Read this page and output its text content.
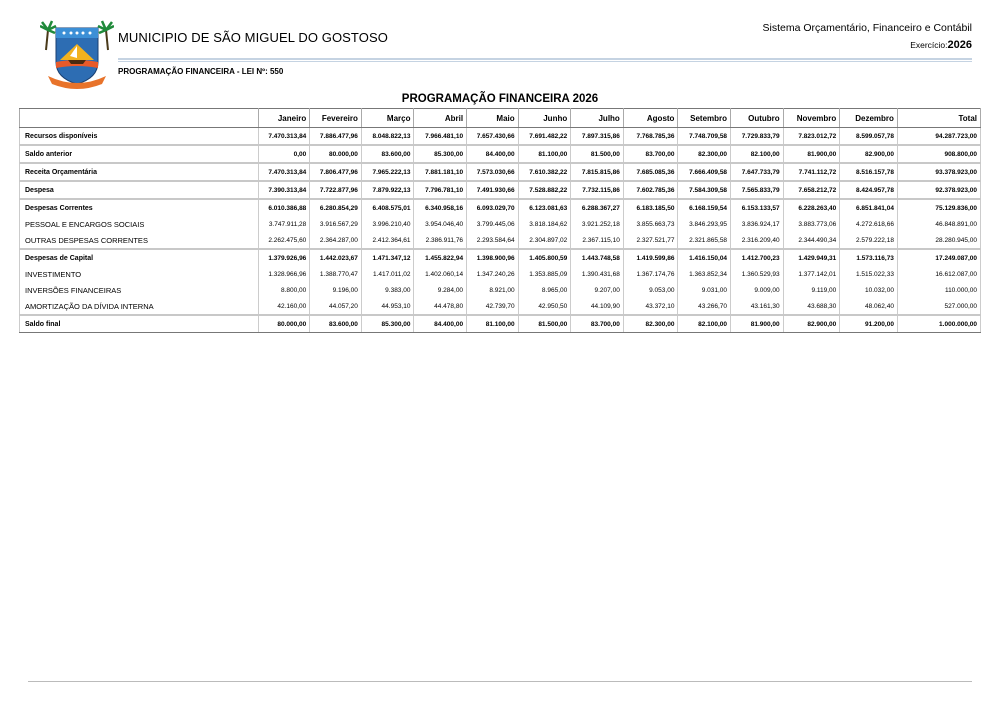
MUNICIPIO DE SÃO MIGUEL DO GOSTOSO
Sistema Orçamentário, Financeiro e Contábil
Exercício:2026
PROGRAMAÇÃO FINANCEIRA - LEI Nº: 550
PROGRAMAÇÃO FINANCEIRA 2026
	Janeiro	Fevereiro	Março	Abril	Maio	Junho	Julho	Agosto	Setembro	Outubro	Novembro	Dezembro	Total
Recursos disponíveis	7.470.313,84	7.886.477,96	8.048.822,13	7.966.481,10	7.657.430,66	7.691.482,22	7.897.315,86	7.768.785,36	7.748.709,58	7.729.833,79	7.823.012,72	8.599.057,78	94.287.723,00
Saldo anterior	0,00	80.000,00	83.600,00	85.300,00	84.400,00	81.100,00	81.500,00	83.700,00	82.300,00	82.100,00	81.900,00	82.900,00	908.800,00
Receita Orçamentária	7.470.313,84	7.806.477,96	7.965.222,13	7.881.181,10	7.573.030,66	7.610.382,22	7.815.815,86	7.685.085,36	7.666.409,58	7.647.733,79	7.741.112,72	8.516.157,78	93.378.923,00
Despesa	7.390.313,84	7.722.877,96	7.879.922,13	7.796.781,10	7.491.930,66	7.528.882,22	7.732.115,86	7.602.785,36	7.584.309,58	7.565.833,79	7.658.212,72	8.424.957,78	92.378.923,00
Despesas Correntes	6.010.386,88	6.280.854,29	6.408.575,01	6.340.958,16	6.093.029,70	6.123.081,63	6.288.367,27	6.183.185,50	6.168.159,54	6.153.133,57	6.228.263,40	6.851.841,04	75.129.836,00
PESSOAL E ENCARGOS SOCIAIS	3.747.911,28	3.916.567,29	3.996.210,40	3.954.046,40	3.799.445,06	3.818.184,62	3.921.252,18	3.855.663,73	3.846.293,95	3.836.924,17	3.883.773,06	4.272.618,66	46.848.891,00
OUTRAS DESPESAS CORRENTES	2.262.475,60	2.364.287,00	2.412.364,61	2.386.911,76	2.293.584,64	2.304.897,02	2.367.115,10	2.327.521,77	2.321.865,58	2.316.209,40	2.344.490,34	2.579.222,18	28.280.945,00
Despesas de Capital	1.379.926,96	1.442.023,67	1.471.347,12	1.455.822,94	1.398.900,96	1.405.800,59	1.443.748,58	1.419.599,86	1.416.150,04	1.412.700,23	1.429.949,31	1.573.116,73	17.249.087,00
INVESTIMENTO	1.328.966,96	1.388.770,47	1.417.011,02	1.402.060,14	1.347.240,26	1.353.885,09	1.390.431,68	1.367.174,76	1.363.852,34	1.360.529,93	1.377.142,01	1.515.022,33	16.612.087,00
INVERSÕES FINANCEIRAS	8.800,00	9.196,00	9.383,00	9.284,00	8.921,00	8.965,00	9.207,00	9.053,00	9.031,00	9.009,00	9.119,00	10.032,00	110.000,00
AMORTIZAÇÃO DA DÍVIDA INTERNA	42.160,00	44.057,20	44.953,10	44.478,80	42.739,70	42.950,50	44.109,90	43.372,10	43.266,70	43.161,30	43.688,30	48.062,40	527.000,00
Saldo final	80.000,00	83.600,00	85.300,00	84.400,00	81.100,00	81.500,00	83.700,00	82.300,00	82.100,00	81.900,00	82.900,00	91.200,00	1.000.000,00
